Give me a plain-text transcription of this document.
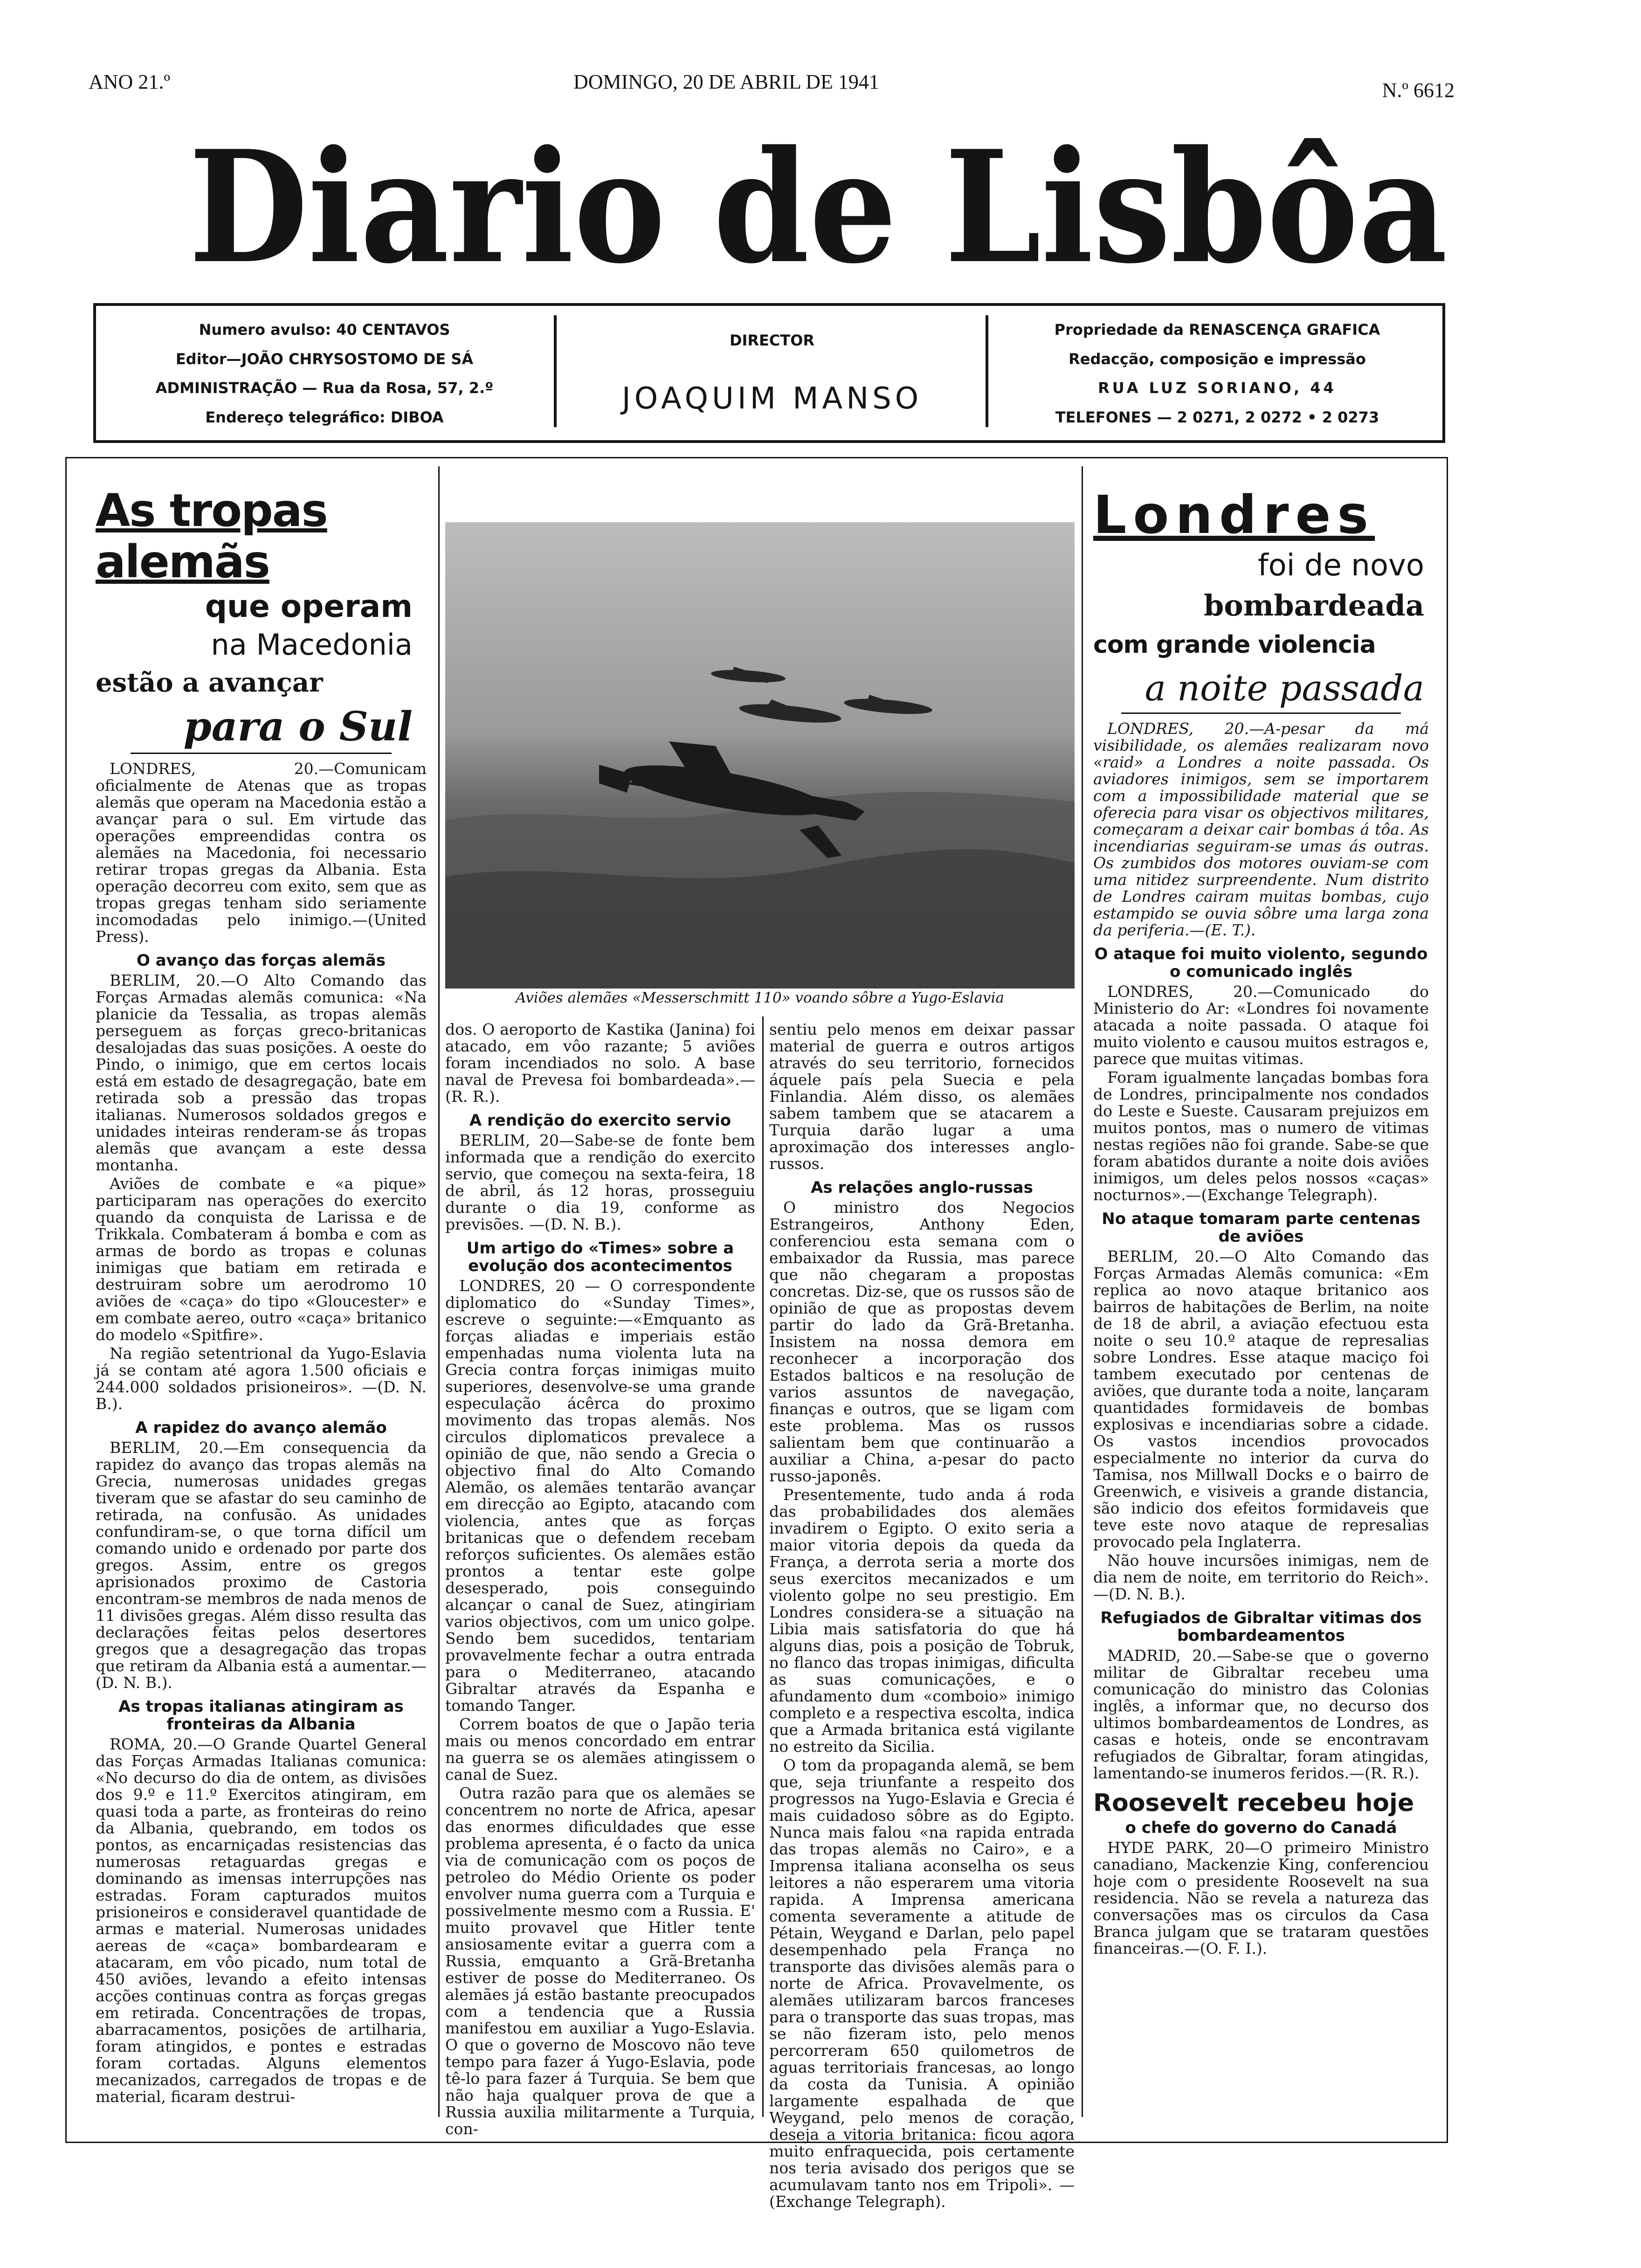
ANO 21.º	DOMINGO, 20 DE ABRIL DE 1941	N.º 6612
Diario de Lisbôa
Numero avulso: 40 CENTAVOS
Editor—JOÃO CHRYSOSTOMO DE SÁ
ADMINISTRAÇÃO — Rua da Rosa, 57, 2.º
Endereço telegráfico: DIBOA
DIRECTOR
JOAQUIM MANSO
Propriedade da RENASCENÇA GRAFICA
Redacção, composição e impressão
RUA LUZ SORIANO, 44
TELEFONES — 2 0271, 2 0272 • 2 0273
As tropas alemãs
que operam
na Macedonia
estão a avançar
para o Sul

LONDRES, 20.—Comunicam oficialmente de Atenas que as tropas alemãs que operam na Macedonia estão a avançar para o sul. Em virtude das operações empreendidas contra os alemães na Macedonia, foi necessario retirar tropas gregas da Albania. Esta operação decorreu com exito, sem que as tropas gregas tenham sido seriamente incomodadas pelo inimigo.—(United Press).

O avanço das forças alemãs

BERLIM, 20.—O Alto Comando das Forças Armadas alemãs comunica: «Na planicie da Tessalia, as tropas alemãs perseguem as forças greco-britanicas desalojadas das suas posições. A oeste do Pindo, o inimigo, que em certos locais está em estado de desagregação, bate em retirada sob a pressão das tropas italianas. Numerosos soldados gregos e unidades inteiras renderam-se ás tropas alemãs que avançam a este dessa montanha.

Aviões de combate e «a pique» participaram nas operações do exercito quando da conquista de Larissa e de Trikkala. Combateram á bomba e com as armas de bordo as tropas e colunas inimigas que batiam em retirada e destruiram sobre um aerodromo 10 aviões de «caça» do tipo «Gloucester» e em combate aereo, outro «caça» britanico do modelo «Spitfire».

Na região setentrional da Yugo-Eslavia já se contam até agora 1.500 oficiais e 244.000 soldados prisioneiros». —(D. N. B.).

A rapidez do avanço alemão

BERLIM, 20.—Em consequencia da rapidez do avanço das tropas alemãs na Grecia, numerosas unidades gregas tiveram que se afastar do seu caminho de retirada, na confusão. As unidades confundiram-se, o que torna difícil um comando unido e ordenado por parte dos gregos. Assim, entre os gregos aprisionados proximo de Castoria encontram-se membros de nada menos de 11 divisões gregas. Além disso resulta das declarações feitas pelos desertores gregos que a desagregação das tropas que retiram da Albania está a aumentar.—(D. N. B.).

As tropas italianas atingiram as fronteiras da Albania

ROMA, 20.—O Grande Quartel General das Forças Armadas Italianas comunica: «No decurso do dia de ontem, as divisões dos 9.º e 11.º Exercitos atingiram, em quasi toda a parte, as fronteiras do reino da Albania, quebrando, em todos os pontos, as encarniçadas resistencias das numerosas retaguardas gregas e dominando as imensas interrupções nas estradas. Foram capturados muitos prisioneiros e consideravel quantidade de armas e material. Numerosas unidades aereas de «caça» bombardearam e atacaram, em vôo picado, num total de 450 aviões, levando a efeito intensas acções continuas contra as forças gregas em retirada. Concentrações de tropas, abarracamentos, posições de artilharia, foram atingidos, e pontes e estradas foram cortadas. Alguns elementos mecanizados, carregados de tropas e de material, ficaram destrui-

Aviões alemães «Messerschmitt 110» voando sôbre a Yugo-Eslavia

dos. O aeroporto de Kastika (Janina) foi atacado, em vôo razante; 5 aviões foram incendiados no solo. A base naval de Prevesa foi bombardeada».—(R. R.).

A rendição do exercito servio

BERLIM, 20—Sabe-se de fonte bem informada que a rendição do exercito servio, que começou na sexta-feira, 18 de abril, ás 12 horas, prosseguiu durante o dia 19, conforme as previsões. —(D. N. B.).

Um artigo do «Times» sobre a evolução dos acontecimentos

LONDRES, 20 — O correspondente diplomatico do «Sunday Times», escreve o seguinte:—«Emquanto as forças aliadas e imperiais estão empenhadas numa violenta luta na Grecia contra forças inimigas muito superiores, desenvolve-se uma grande especulação ácêrca do proximo movimento das tropas alemãs. Nos circulos diplomaticos prevalece a opinião de que, não sendo a Grecia o objectivo final do Alto Comando Alemão, os alemães tentarão avançar em direcção ao Egipto, atacando com violencia, antes que as forças britanicas que o defendem recebam reforços suficientes. Os alemães estão prontos a tentar este golpe desesperado, pois conseguindo alcançar o canal de Suez, atingiriam varios objectivos, com um unico golpe. Sendo bem sucedidos, tentariam provavelmente fechar a outra entrada para o Mediterraneo, atacando Gibraltar através da Espanha e tomando Tanger.

Correm boatos de que o Japão teria mais ou menos concordado em entrar na guerra se os alemães atingissem o canal de Suez.

Outra razão para que os alemães se concentrem no norte de Africa, apesar das enormes dificuldades que esse problema apresenta, é o facto da unica via de comunicação com os poços de petroleo do Médio Oriente os poder envolver numa guerra com a Turquia e possivelmente mesmo com a Russia. E' muito provavel que Hitler tente ansiosamente evitar a guerra com a Russia, emquanto a Grã-Bretanha estiver de posse do Mediterraneo. Os alemães já estão bastante preocupados com a tendencia que a Russia manifestou em auxiliar a Yugo-Eslavia. O que o governo de Moscovo não teve tempo para fazer á Yugo-Eslavia, pode tê-lo para fazer á Turquia. Se bem que não haja qualquer prova de que a Russia auxilia militarmente a Turquia, con-

sentiu pelo menos em deixar passar material de guerra e outros artigos através do seu territorio, fornecidos áquele país pela Suecia e pela Finlandia. Além disso, os alemães sabem tambem que se atacarem a Turquia darão lugar a uma aproximação dos interesses anglo-russos.

As relações anglo-russas

O ministro dos Negocios Estrangeiros, Anthony Eden, conferenciou esta semana com o embaixador da Russia, mas parece que não chegaram a propostas concretas. Diz-se, que os russos são de opinião de que as propostas devem partir do lado da Grã-Bretanha. Insistem na nossa demora em reconhecer a incorporação dos Estados balticos e na resolução de varios assuntos de navegação, finanças e outros, que se ligam com este problema. Mas os russos salientam bem que continuarão a auxiliar a China, a-pesar do pacto russo-japonês.

Presentemente, tudo anda á roda das probabilidades dos alemães invadirem o Egipto. O exito seria a maior vitoria depois da queda da França, a derrota seria a morte dos seus exercitos mecanizados e um violento golpe no seu prestigio. Em Londres considera-se a situação na Libia mais satisfatoria do que há alguns dias, pois a posição de Tobruk, no flanco das tropas inimigas, dificulta as suas comunicações, e o afundamento dum «comboio» inimigo completo e a respectiva escolta, indica que a Armada britanica está vigilante no estreito da Sicilia.

O tom da propaganda alemã, se bem que, seja triunfante a respeito dos progressos na Yugo-Eslavia e Grecia é mais cuidadoso sôbre as do Egipto. Nunca mais falou «na rapida entrada das tropas alemãs no Cairo», e a Imprensa italiana aconselha os seus leitores a não esperarem uma vitoria rapida. A Imprensa americana comenta severamente a atitude de Pétain, Weygand e Darlan, pelo papel desempenhado pela França no transporte das divisões alemãs para o norte de Africa. Provavelmente, os alemães utilizaram barcos franceses para o transporte das suas tropas, mas se não fizeram isto, pelo menos percorreram 650 quilometros de aguas territoriais francesas, ao longo da costa da Tunisia. A opinião largamente espalhada de que Weygand, pelo menos de coração, deseja a vitoria britanica: ficou agora muito enfraquecida, pois certamente nos teria avisado dos perigos que se acumulavam tanto nos em Tripoli». —(Exchange Telegraph).

Londres
foi de novo
bombardeada
com grande violencia
a noite passada

LONDRES, 20.—A-pesar da má visibilidade, os alemães realizaram novo «raid» a Londres a noite passada. Os aviadores inimigos, sem se importarem com a impossibilidade material que se oferecia para visar os objectivos militares, começaram a deixar cair bombas á tôa. As incendiarias seguiram-se umas ás outras. Os zumbidos dos motores ouviam-se com uma nitidez surpreendente. Num distrito de Londres cairam muitas bombas, cujo estampido se ouvia sôbre uma larga zona da periferia.—(E. T.).

O ataque foi muito violento, segundo o comunicado inglês

LONDRES, 20.—Comunicado do Ministerio do Ar: «Londres foi novamente atacada a noite passada. O ataque foi muito violento e causou muitos estragos e, parece que muitas vitimas.

Foram igualmente lançadas bombas fora de Londres, principalmente nos condados do Leste e Sueste. Causaram prejuizos em muitos pontos, mas o numero de vitimas nestas regiões não foi grande. Sabe-se que foram abatidos durante a noite dois aviões inimigos, um deles pelos nossos «caças» nocturnos».—(Exchange Telegraph).

No ataque tomaram parte centenas de aviões

BERLIM, 20.—O Alto Comando das Forças Armadas Alemãs comunica: «Em replica ao novo ataque britanico aos bairros de habitações de Berlim, na noite de 18 de abril, a aviação efectuou esta noite o seu 10.º ataque de represalias sobre Londres. Esse ataque maciço foi tambem executado por centenas de aviões, que durante toda a noite, lançaram quantidades formidaveis de bombas explosivas e incendiarias sobre a cidade. Os vastos incendios provocados especialmente no interior da curva do Tamisa, nos Millwall Docks e o bairro de Greenwich, e visiveis a grande distancia, são indicio dos efeitos formidaveis que teve este novo ataque de represalias provocado pela Inglaterra.

Não houve incursões inimigas, nem de dia nem de noite, em territorio do Reich».—(D. N. B.).

Refugiados de Gibraltar vitimas dos bombardeamentos

MADRID, 20.—Sabe-se que o governo militar de Gibraltar recebeu uma comunicação do ministro das Colonias inglês, a informar que, no decurso dos ultimos bombardeamentos de Londres, as casas e hoteis, onde se encontravam refugiados de Gibraltar, foram atingidas, lamentando-se inumeros feridos.—(R. R.).

Roosevelt recebeu hoje
o chefe do governo do Canadá

HYDE PARK, 20—O primeiro Ministro canadiano, Mackenzie King, conferenciou hoje com o presidente Roosevelt na sua residencia. Não se revela a natureza das conversações mas os circulos da Casa Branca julgam que se trataram questões financeiras.—(O. F. I.).
